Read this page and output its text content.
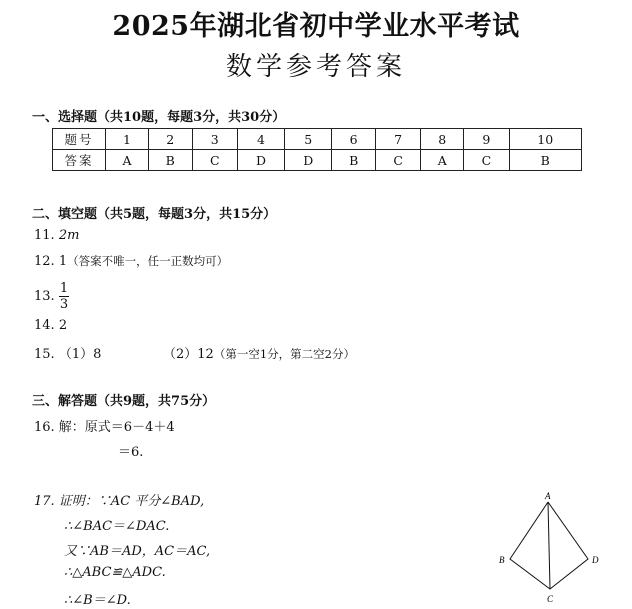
2025年湖北省初中学业水平考试
数学参考答案
一、选择题（共10题，每题3分，共30分）
题号	1	2	3	4	5	6	7	8	9	10
答案	A	B	C	D	D	B	C	A	C	B
二、填空题（共5题，每题3分，共15分）
11. 2m
12. 1（答案不唯一，任一正数均可）
13. $\frac{1}{3}$
14. 2
15. （1）8	（2）12（第一空1分，第二空2分）
三、解答题（共9题，共75分）
16. 解：原式＝6－4＋4
＝6.
17. 证明：∵AC 平分∠BAD,
∴∠BAC＝∠DAC.
又∵AB＝AD，AC＝AC,
∴△ABC≌△ADC.
∴∠B＝∠D.
A
B
C
D
